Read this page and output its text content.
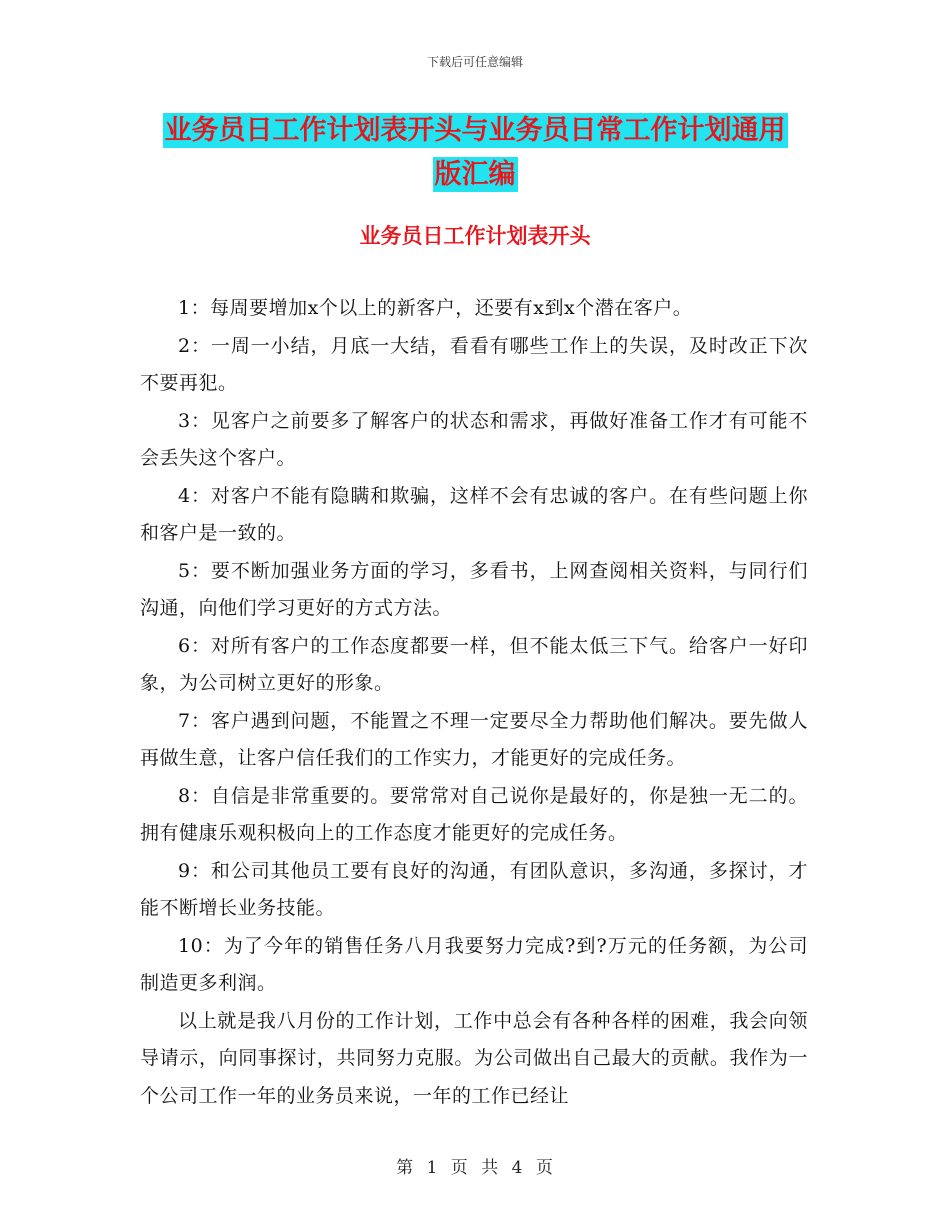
下载后可任意编辑
业务员日工作计划表开头与业务员日常工作计划通用
版汇编
业务员日工作计划表开头

1：每周要增加x个以上的新客户，还要有x到x个潜在客户。

2：一周一小结，月底一大结，看看有哪些工作上的失误，及时改正下次不要再犯。

3：见客户之前要多了解客户的状态和需求，再做好准备工作才有可能不会丢失这个客户。

4：对客户不能有隐瞒和欺骗，这样不会有忠诚的客户。在有些问题上你和客户是一致的。

5：要不断加强业务方面的学习，多看书，上网查阅相关资料，与同行们沟通，向他们学习更好的方式方法。

6：对所有客户的工作态度都要一样，但不能太低三下气。给客户一好印象，为公司树立更好的形象。

7：客户遇到问题，不能置之不理一定要尽全力帮助他们解决。要先做人再做生意，让客户信任我们的工作实力，才能更好的完成任务。

8：自信是非常重要的。要常常对自己说你是最好的，你是独一无二的。拥有健康乐观积极向上的工作态度才能更好的完成任务。

9：和公司其他员工要有良好的沟通，有团队意识，多沟通，多探讨，才能不断增长业务技能。

10：为了今年的销售任务八月我要努力完成?到?万元的任务额，为公司制造更多利润。

以上就是我八月份的工作计划，工作中总会有各种各样的困难，我会向领导请示，向同事探讨，共同努力克服。为公司做出自己最大的贡献。我作为一个公司工作一年的业务员来说，一年的工作已经让

第 1 页 共 4 页
